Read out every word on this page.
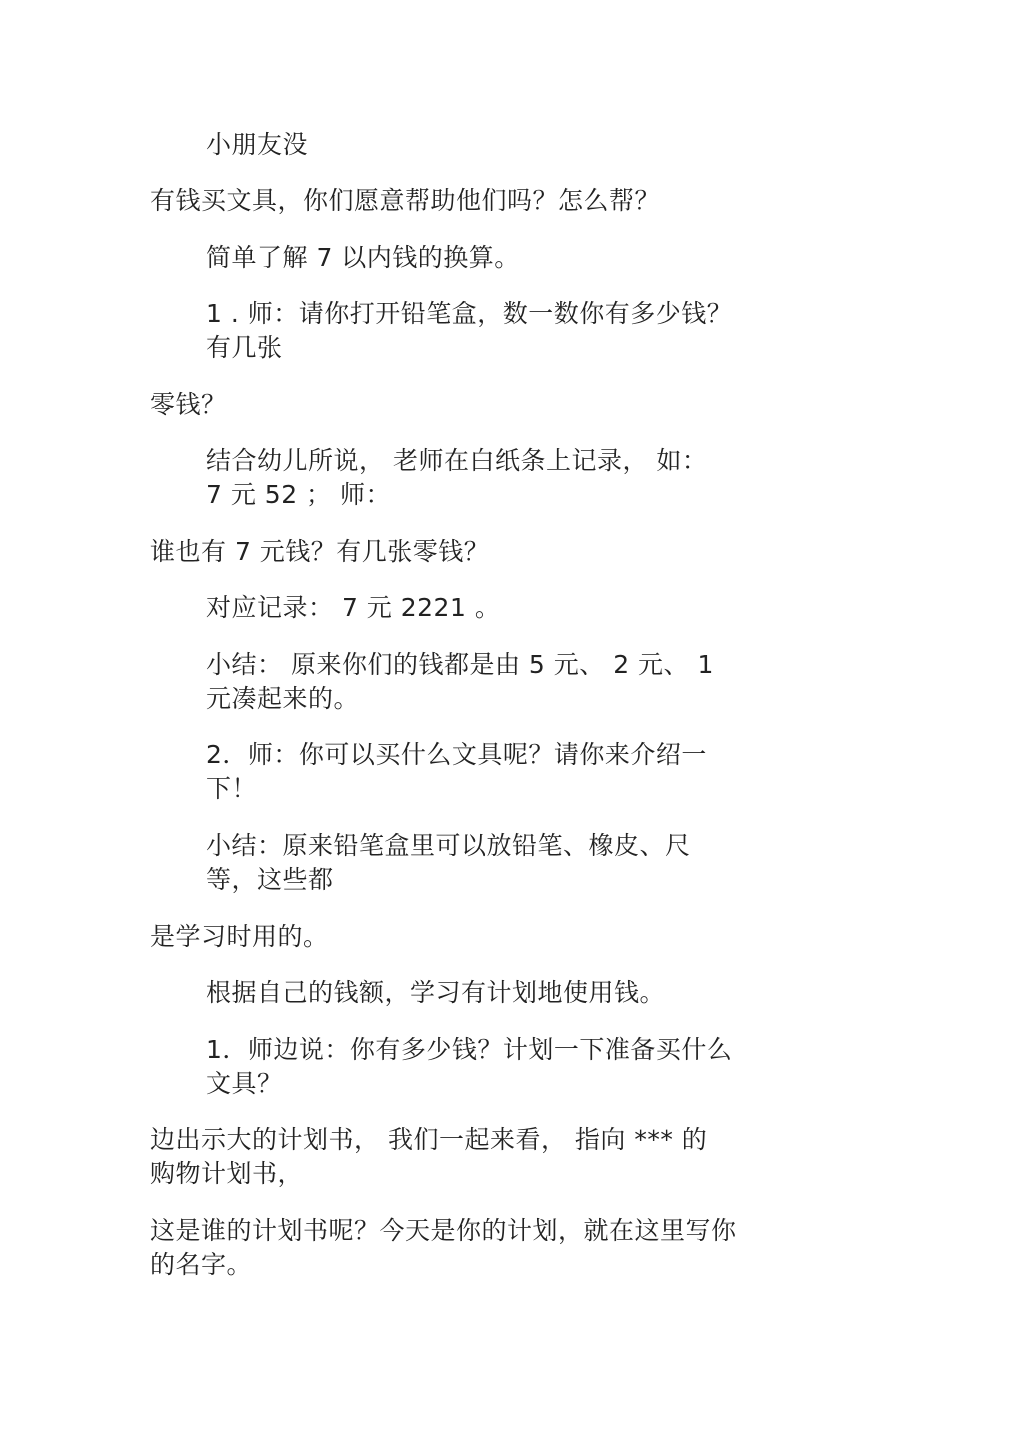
小朋友没

有钱买文具，你们愿意帮助他们吗？怎么帮？

简单了解 7 以内钱的换算。

1 . 师：请你打开铅笔盒，数一数你有多少钱？
有几张

零钱？

结合幼儿所说， 老师在白纸条上记录， 如：
7 元 52 ； 师：

谁也有 7 元钱？有几张零钱？

对应记录： 7 元 2221 。

小结： 原来你们的钱都是由 5 元、 2 元、 1
元凑起来的。

2．师：你可以买什么文具呢？请你来介绍一
下！

小结：原来铅笔盒里可以放铅笔、橡皮、尺
等，这些都

是学习时用的。

根据自己的钱额，学习有计划地使用钱。

1．师边说：你有多少钱？计划一下准备买什么
文具？

边出示大的计划书， 我们一起来看， 指向 *** 的
购物计划书，

这是谁的计划书呢？今天是你的计划，就在这里写你
的名字。
